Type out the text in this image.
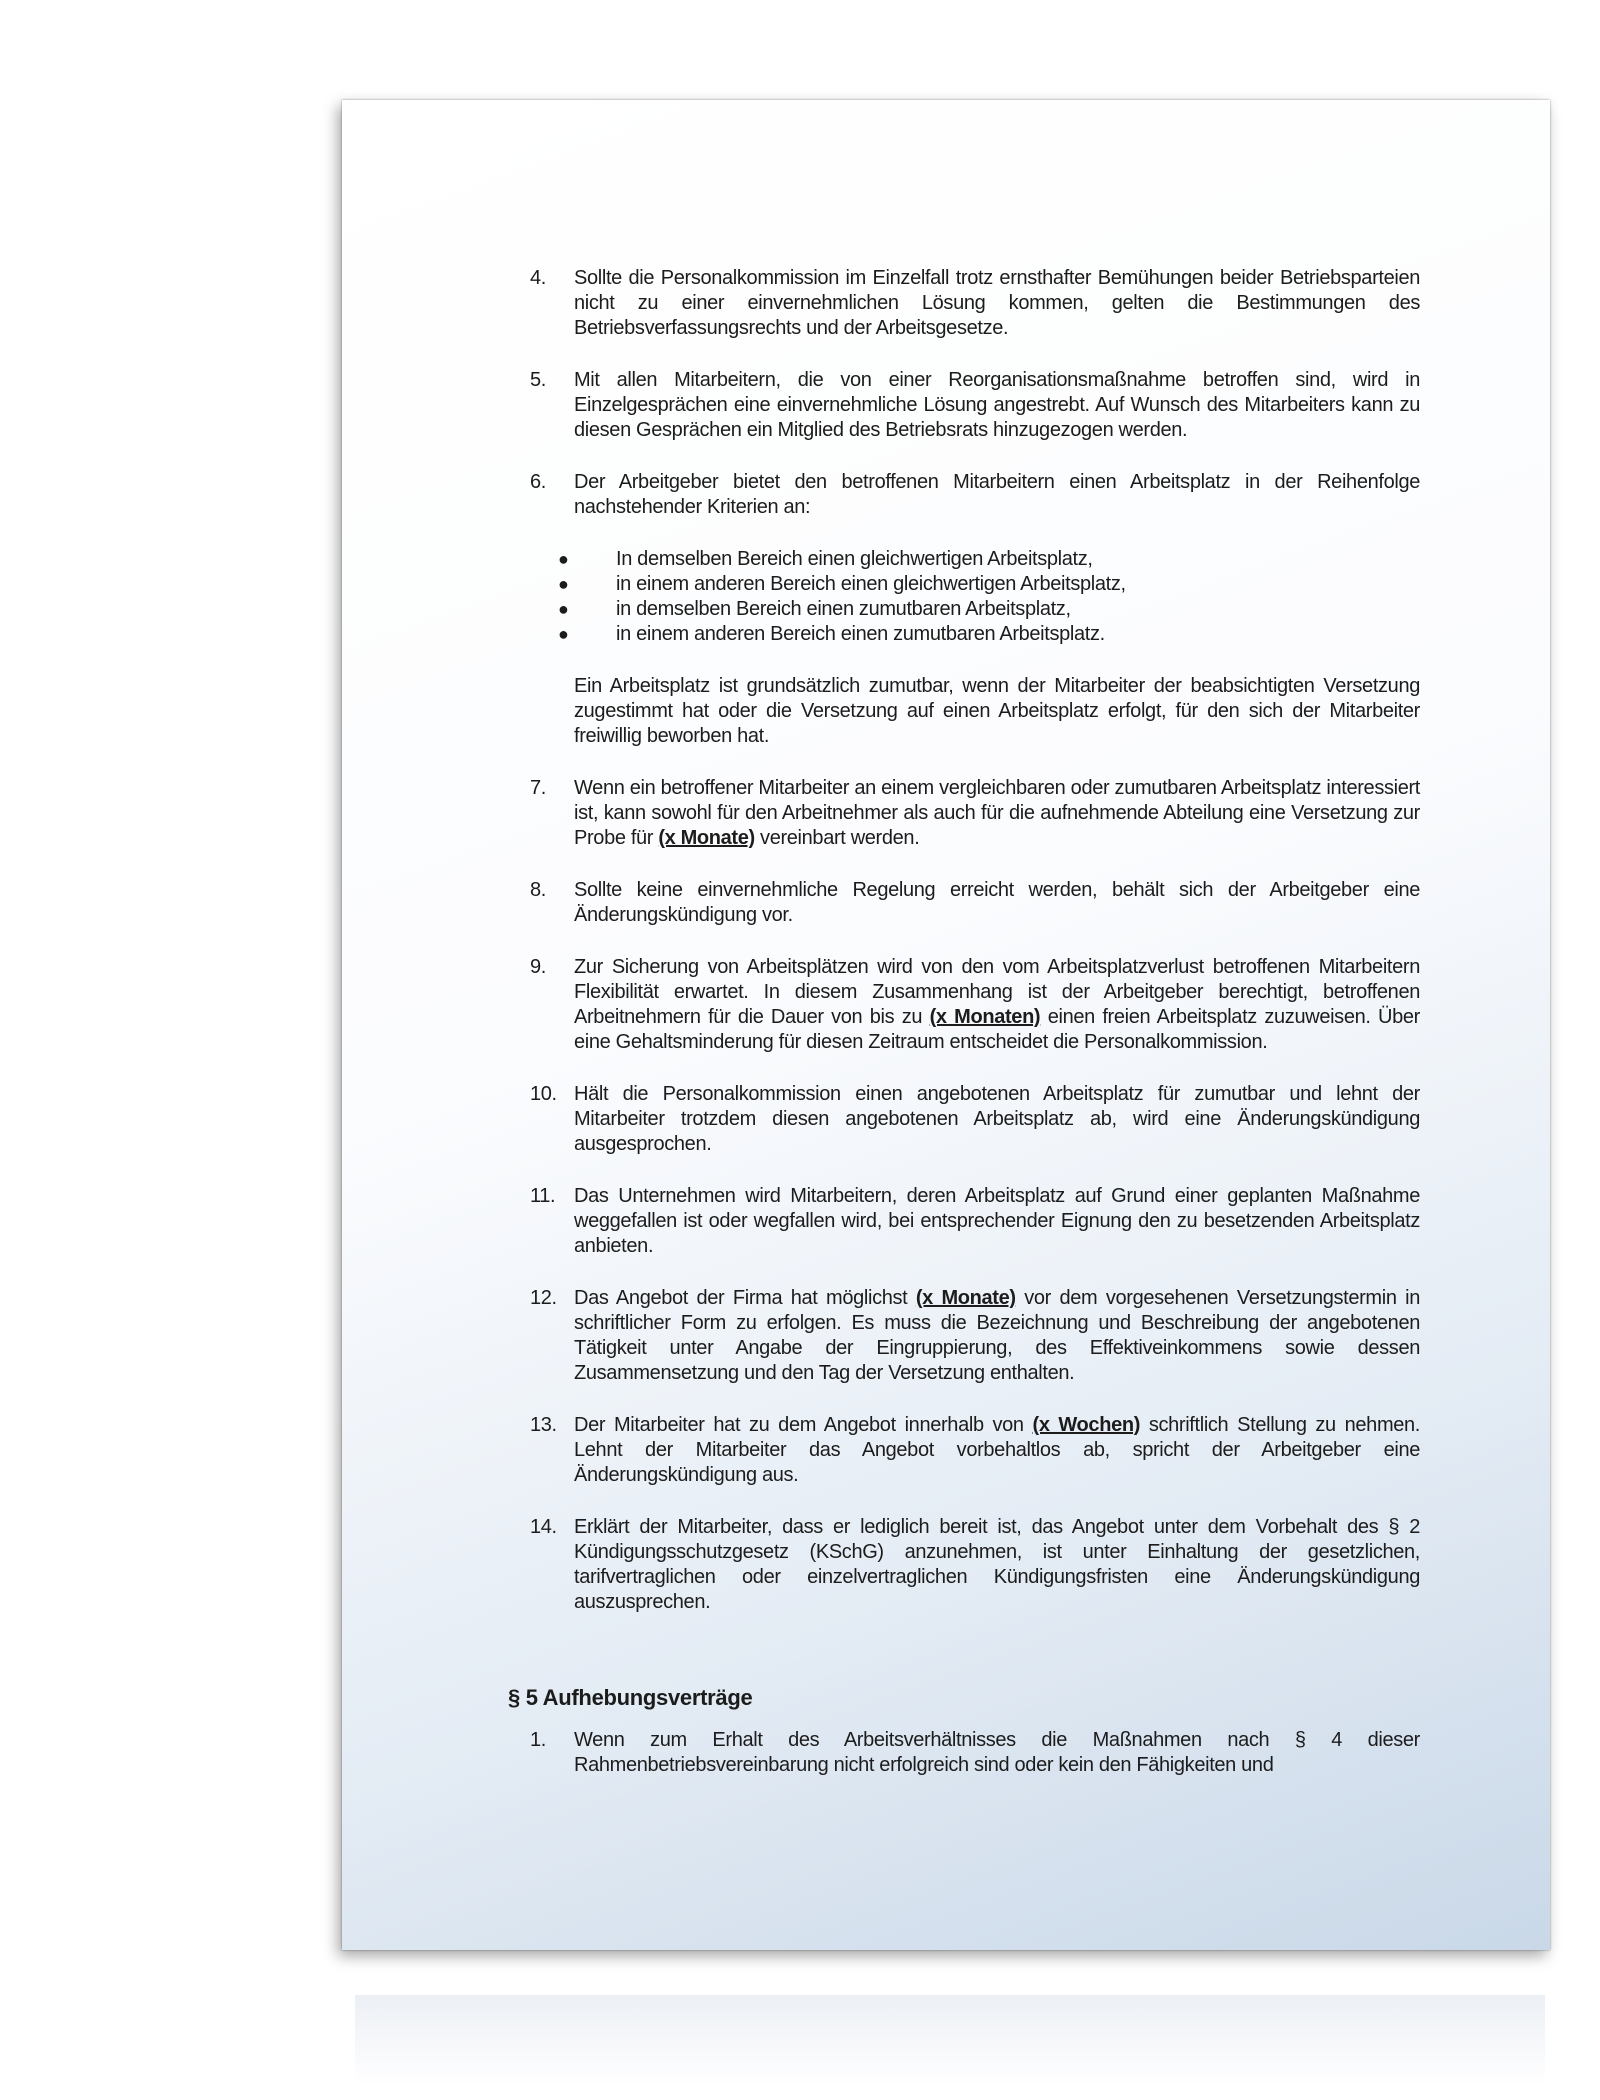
4.	Sollte die Personalkommission im Einzelfall trotz ernsthafter Bemühungen beider Betriebsparteien nicht zu einer einvernehmlichen Lösung kommen, gelten die Bestimmungen des Betriebsverfassungsrechts und der Arbeitsgesetze.
5.	Mit allen Mitarbeitern, die von einer Reorganisationsmaßnahme betroffen sind, wird in Einzelgesprächen eine einvernehmliche Lösung angestrebt. Auf Wunsch des Mitarbeiters kann zu diesen Gesprächen ein Mitglied des Betriebsrats hinzugezogen werden.
6.	Der Arbeitgeber bietet den betroffenen Mitarbeitern einen Arbeitsplatz in der Reihenfolge nachstehender Kriterien an:
●	In demselben Bereich einen gleichwertigen Arbeitsplatz,
●	in einem anderen Bereich einen gleichwertigen Arbeitsplatz,
●	in demselben Bereich einen zumutbaren Arbeitsplatz,
●	in einem anderen Bereich einen zumutbaren Arbeitsplatz.
Ein Arbeitsplatz ist grundsätzlich zumutbar, wenn der Mitarbeiter der beabsichtigten Versetzung zugestimmt hat oder die Versetzung auf einen Arbeitsplatz erfolgt, für den sich der Mitarbeiter freiwillig beworben hat.
7.	Wenn ein betroffener Mitarbeiter an einem vergleichbaren oder zumutbaren Arbeitsplatz interessiert ist, kann sowohl für den Arbeitnehmer als auch für die aufnehmende Abteilung eine Versetzung zur Probe für (x Monate) vereinbart werden.
8.	Sollte keine einvernehmliche Regelung erreicht werden, behält sich der Arbeitgeber eine Änderungskündigung vor.
9.	Zur Sicherung von Arbeitsplätzen wird von den vom Arbeitsplatzverlust betroffenen Mitarbeitern Flexibilität erwartet. In diesem Zusammenhang ist der Arbeitgeber berechtigt, betroffenen Arbeitnehmern für die Dauer von bis zu (x Monaten) einen freien Arbeitsplatz zuzuweisen. Über eine Gehaltsminderung für diesen Zeitraum entscheidet die Personalkommission.
10. Hält die Personalkommission einen angebotenen Arbeitsplatz für zumutbar und lehnt der Mitarbeiter trotzdem diesen angebotenen Arbeitsplatz ab, wird eine Änderungskündigung ausgesprochen.
11. Das Unternehmen wird Mitarbeitern, deren Arbeitsplatz auf Grund einer geplanten Maßnahme weggefallen ist oder wegfallen wird, bei entsprechender Eignung den zu besetzenden Arbeitsplatz anbieten.
12. Das Angebot der Firma hat möglichst (x Monate) vor dem vorgesehenen Versetzungstermin in schriftlicher Form zu erfolgen. Es muss die Bezeichnung und Beschreibung der angebotenen Tätigkeit unter Angabe der Eingruppierung, des Effektiveinkommens sowie dessen Zusammensetzung und den Tag der Versetzung enthalten.
13. Der Mitarbeiter hat zu dem Angebot innerhalb von (x Wochen) schriftlich Stellung zu nehmen. Lehnt der Mitarbeiter das Angebot vorbehaltlos ab, spricht der Arbeitgeber eine Änderungskündigung aus.
14. Erklärt der Mitarbeiter, dass er lediglich bereit ist, das Angebot unter dem Vorbehalt des § 2 Kündigungsschutzgesetz (KSchG) anzunehmen, ist unter Einhaltung der gesetzlichen, tarifvertraglichen oder einzelvertraglichen Kündigungsfristen eine Änderungskündigung auszusprechen.
§ 5 Aufhebungsverträge
1.	Wenn zum Erhalt des Arbeitsverhältnisses die Maßnahmen nach § 4 dieser Rahmenbetriebsvereinbarung nicht erfolgreich sind oder kein den Fähigkeiten und
